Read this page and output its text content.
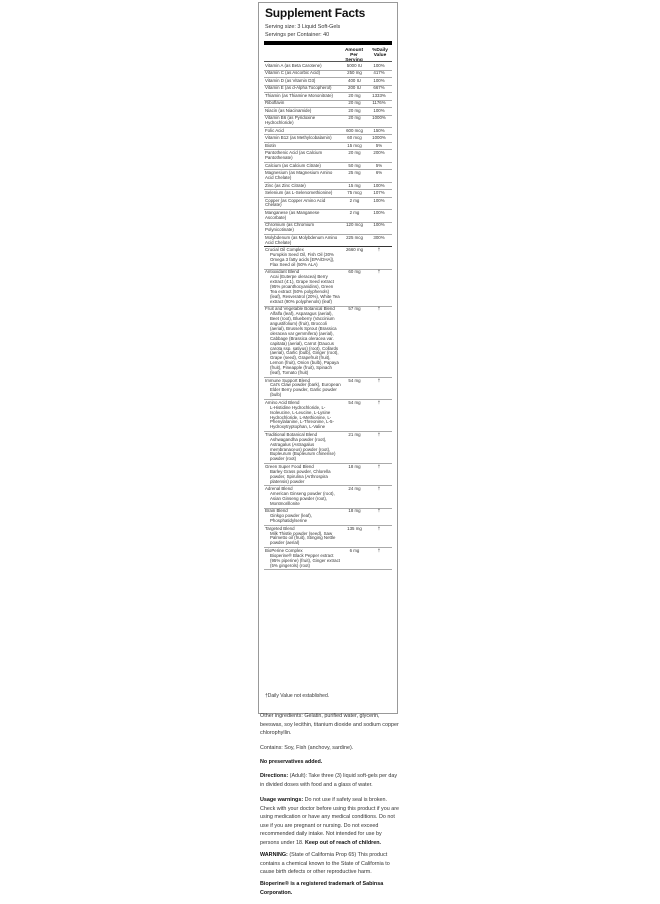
Supplement Facts
Serving size: 3 Liquid Soft-Gels
Servings per Container: 40
Amount Per
%Daily Value
Vitamin A (as Beta Carotene)	5000 IU	100%
Vitamin C (as Ascorbic Acid)	250 mg	417%
Vitamin D (as Vitamin D3)	400 IU	100%
Vitamin E (as d-Alpha Tocopherol)	200 IU	667%
Thiamin (as Thiamine Mononitrate)	20 mg	1333%
Riboflavin	20 mg	1176%
Niacin (as Niacinamide)	20 mg	100%
Vitamin B6 (as Pyridoxine Hydrochloride)
20 mg	1000%
Folic Acid	600 mcg	150%
Vitamin B12 (as Methylcobalamin)	60 mcg	1000%
Biotin	15 mcg	5%
Pantothenic Acid (as Calcium Pantothenate)
20 mg	200%
Calcium (as Calcium Citrate)	50 mg	5%
Magnesium (as Magnesium Amino Acid Chelate)
25 mg	6%
Zinc (as Zinc Citrate)	15 mg	100%
Selenium (as L-Selenomethionine)	75 mcg	107%
Copper (as Copper Amino Acid Chelate)
2 mg	100%
Manganese (as Manganese Ascorbate)
2 mg	100%
Chromium (as Chromium Polynicotinate)
120 mcg	100%
Molybdenum (as Molybdenum Amino Acid Chelate)
225 mcg	300%
Crucial Oil Complex
Pumpkin Seed Oil, Fish Oil (30% Omega 3 fatty acids [EPA/DHA]), Flax Seed oil (50% ALA)
2660 mg	†
Antioxidant Blend
Acai (Euterpe oleracea) Berry extract (4:1), Grape Seed extract (95% proanthocyanidins), Green Tea extract (50% polyphenols) (leaf), Resveratrol (20%), White Tea extract (90% polyphenols) (leaf)
60 mg	†
Fruit and Vegetable Botanical Blend
Alfalfa (leaf), Asparagus (aerial), Beet (root), Blueberry (Vaccinium angustifolium) (fruit), Broccoli (aerial), Brussels Sprout (Brassica oleracea var gemmifera) (aerial), Cabbage (Brassica oleracea var. capitata) (aerial), Carrot (Daucus carota ssp. sativus) (root), Collards (aerial), Garlic (bulb), Ginger (root), Grape (seed), Grapefruit (fruit), Lemon (fruit), Onion (bulb), Papaya (fruit), Pineapple (fruit), Spinach (leaf), Tomato (fruit)
57 mg	†
Immune Support Blend
Cat's Claw powder (bark), European Elder Berry powder, Garlic powder (bulb)
54 mg	†
Amino Acid Blend
L-Histidine Hydrochloride, L-Isoleucine, L-Leucine, L-Lysine Hydrochloride, L-Methionine, L-Phenylalanine, L-Threonine, L-5-Hydroxytryptophan, L-Valine
54 mg	†
Traditional Botanical Blend
Ashwagandha powder (root), Astragalus (Astragalus membranaceus) powder (root), Bupleurum (Bupleurum chinense) powder (root)
21 mg	†
Green Super Food Blend
Barley Grass powder, Chlorella powder, Spirulina (Arthrospira platensis) powder
18 mg	†
Adrenal Blend
American Ginseng powder (root), Asian Ginseng powder (root), Montmorillonite
24 mg	†
Brain Blend
Ginkgo powder (leaf), Phosphatidylserine
18 mg	†
Targeted Blend
Milk Thistle powder (seed), Saw Palmetto oil (fruit), Stinging Nettle powder (aerial)
135 mg	†
BioPerine Complex
Bioperine® Black Pepper extract (95% piperine) (fruit), Ginger extract (5% gingerols) (root)
6 mg	†
†Daily Value not established.
Other ingredients: Gelatin, purified water, glycerin, beeswax, soy lecithin, titanium dioxide and sodium copper chlorophyllin.
Contains: Soy, Fish (anchovy, sardine).
No preservatives added.
Directions: (Adult): Take three (3) liquid soft-gels per day in divided doses with food and a glass of water.
Usage warnings: Do not use if safety seal is broken. Check with your doctor before using this product if you are using medication or have any medical conditions. Do not use if you are pregnant or nursing. Do not exceed recommended daily intake. Not intended for use by persons under 18. Keep out of reach of children.
WARNING: (State of California Prop 65) This product contains a chemical known to the State of California to cause birth defects or other reproductive harm.
Bioperine® is a registered trademark of Sabinsa Corporation.
